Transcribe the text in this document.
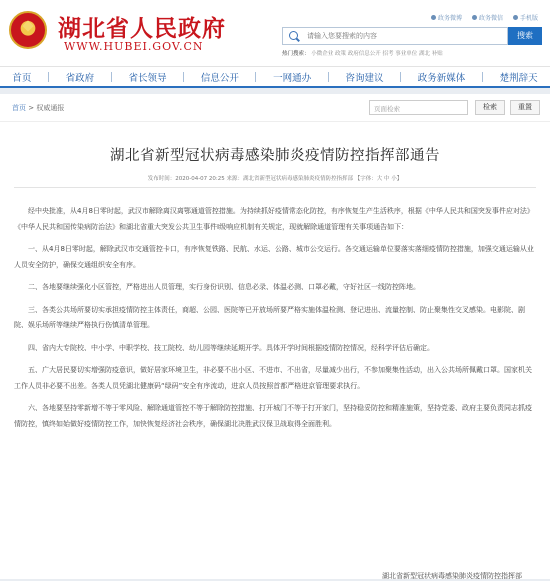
湖北省人民政府
WWW.HUBEI.GOV.CN
政务微博	政务微信	手机版
请输入您要搜索的内容
搜索
热门搜索： 小微企业 政策 政府信息公开 招考 事业单位 湖北 补贴
首页	省政府	省长领导	信息公开	一网通办	咨询建议	政务新媒体	楚荆辞天
首页 > 权威通报	页面检索	检索	重置
湖北省新型冠状病毒感染肺炎疫情防控指挥部通告
发布时间：2020-04-07 20:25 来源：湖北省新型冠状病毒感染肺炎疫情防控指挥部 【字体：大 中 小】

经中央批准，从4月8日零时起，武汉市解除离汉离鄂通道管控措施。为持续抓好疫情常态化防控，有序恢复生产生活秩序，根据《中华人民共和国突发事件应对法》《中华人民共和国传染病防治法》和湖北省重大突发公共卫生事件Ⅰ级响应机制有关规定，现就解除通道管理有关事项通告如下：

一、从4月8日零时起，解除武汉市交通管控卡口，有序恢复铁路、民航、水运、公路、城市公交运行。各交通运输单位要落实落细疫情防控措施，加强交通运输从业人员安全防护，确保交通组织安全有序。

二、各地要继续强化小区管控，严格进出人员管理，实行身份识别、信息必录、体温必测、口罩必戴，守好社区一线防控阵地。

三、各类公共场所要切实承担疫情防控主体责任，商超、公园、医院等已开放场所要严格实施体温检测、登记进出、流量控制、防止聚集性交叉感染。电影院、剧院、娱乐场所等继续严格执行伤慎清单管理。

四、省内大专院校、中小学、中职学校、技工院校、幼儿园等继续延期开学。具体开学时间根据疫情防控情况，经科学评估后确定。

五、广大居民要切实增强防疫意识，做好居家环境卫生，非必要不出小区、不进市、不出省，尽量减少出行，不参加聚集性活动，出入公共场所佩戴口罩。国家机关工作人员非必要不出差。各类人员凭湖北健康码“绿码”安全有序流动，进京人员按照首都严格进京管理要求执行。

六、各地要坚持零新增不等于零风险、解除通道管控不等于解除防控措施、打开城门不等于打开家门，坚持稳妥防控和精准施策，坚持党委、政府主要负责同志抓疫情防控，慎终如始做好疫情防控工作，加快恢复经济社会秩序，确保湖北决胜武汉保卫战取得全面胜利。

湖北省新型冠状病毒感染肺炎疫情防控指挥部
